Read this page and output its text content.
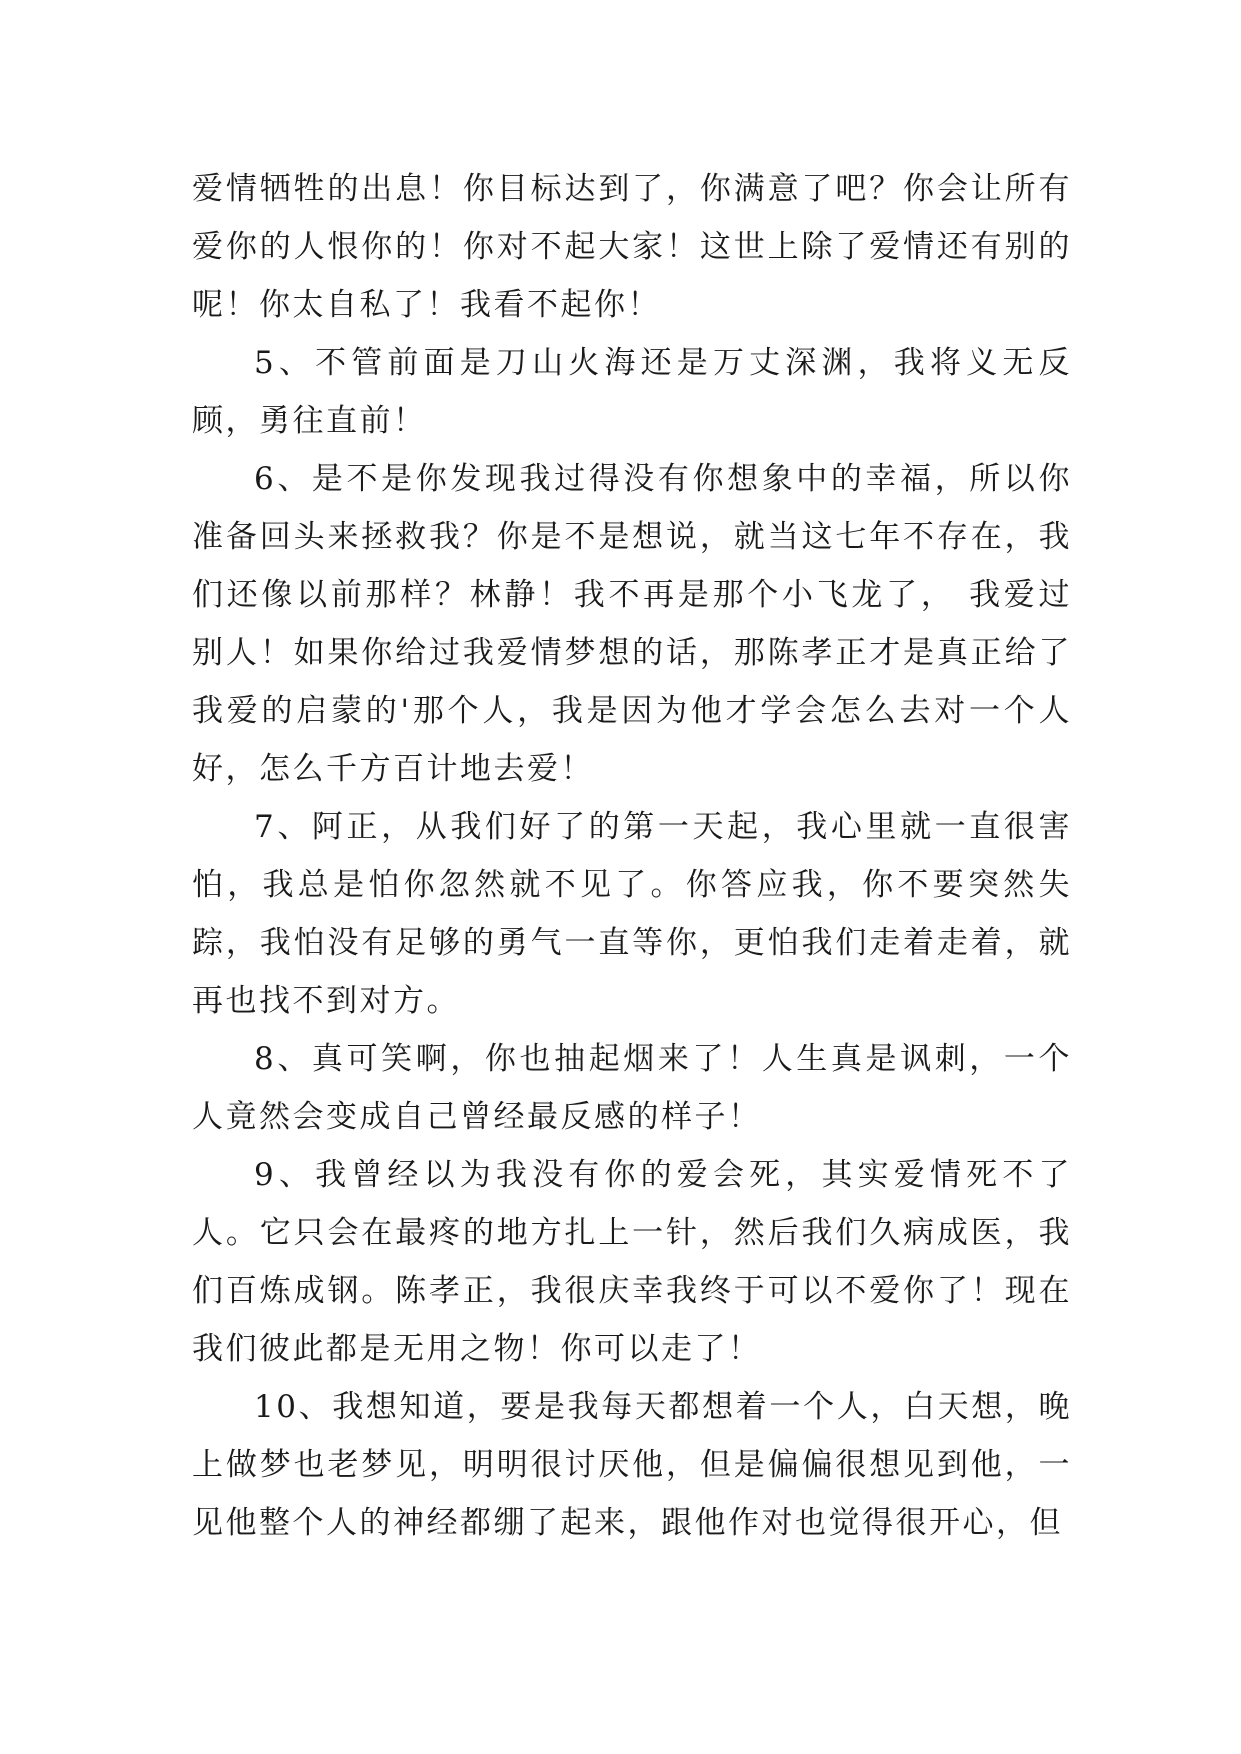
爱情牺牲的出息！你目标达到了，你满意了吧？你会让所有爱你的人恨你的！你对不起大家！这世上除了爱情还有别的呢！你太自私了！我看不起你！

5、不管前面是刀山火海还是万丈深渊，我将义无反顾，勇往直前！

6、是不是你发现我过得没有你想象中的幸福，所以你准备回头来拯救我？你是不是想说，就当这七年不存在，我们还像以前那样？林静！我不再是那个小飞龙了， 我爱过别人！如果你给过我爱情梦想的话，那陈孝正才是真正给了我爱的启蒙的'那个人，我是因为他才学会怎么去对一个人好，怎么千方百计地去爱！

7、阿正，从我们好了的第一天起，我心里就一直很害怕，我总是怕你忽然就不见了。你答应我，你不要突然失踪，我怕没有足够的勇气一直等你，更怕我们走着走着，就再也找不到对方。

8、真可笑啊，你也抽起烟来了！人生真是讽刺，一个人竟然会变成自己曾经最反感的样子！

9、我曾经以为我没有你的爱会死，其实爱情死不了人。它只会在最疼的地方扎上一针，然后我们久病成医，我们百炼成钢。陈孝正，我很庆幸我终于可以不爱你了！现在我们彼此都是无用之物！你可以走了！

10、我想知道，要是我每天都想着一个人，白天想，晚上做梦也老梦见，明明很讨厌他，但是偏偏很想见到他，一见他整个人的神经都绷了起来，跟他作对也觉得很开心，但
